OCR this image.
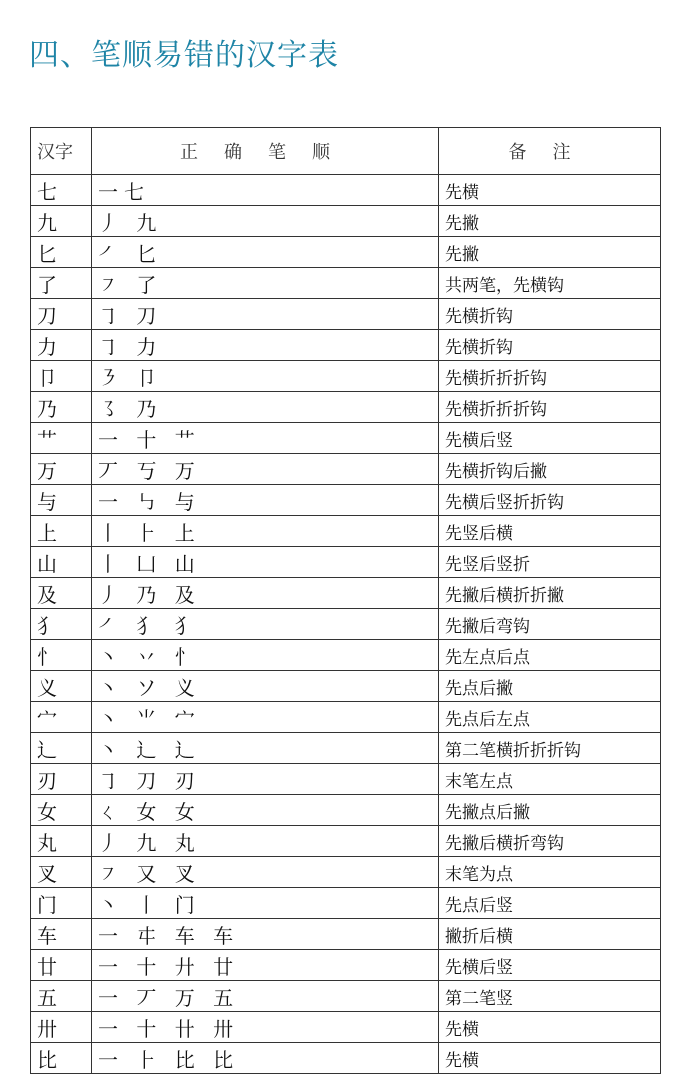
四、笔顺易错的汉字表
汉字	正确笔顺	备注
七	一七	先横
九	丿 九	先撇
匕	㇒ 匕	先撇
了	㇇ 了	共两笔，先横钩
刀	㇆ 刀	先横折钩
力	㇆ 力	先横折钩
卩	㇋ 卩	先横折折折钩
乃	㇌ 乃	先横折折折钩
艹	一 十 艹	先横后竖
万	丆 丂 万	先横折钩后撇
与	一 ㇉ 与	先横后竖折折钩
上	丨 ⺊ 上	先竖后横
山	丨 凵 山	先竖后竖折
及	丿 乃 及	先撇后横折折撇
犭	㇒ 犭 犭	先撇后弯钩
忄	丶 丷 忄	先左点后点
义	丶 ソ 义	先点后撇
宀	丶 ⺌ 宀	先点后左点
辶	丶 辶 辶	第二笔横折折折钩
刃	㇆ 刀 刃	末笔左点
女	ㄑ 女 女	先撇点后撇
丸	丿 九 丸	先撇后横折弯钩
叉	㇇ 又 叉	末笔为点
门	丶 丨 门	先点后竖
车	一 㐄 车 车	撇折后横
廿	一 十 廾 廿	先横后竖
五	一 丆 万 五	第二笔竖
卅	一 十 卄 卅	先横
比	一 ⺊ 比 比	先横
